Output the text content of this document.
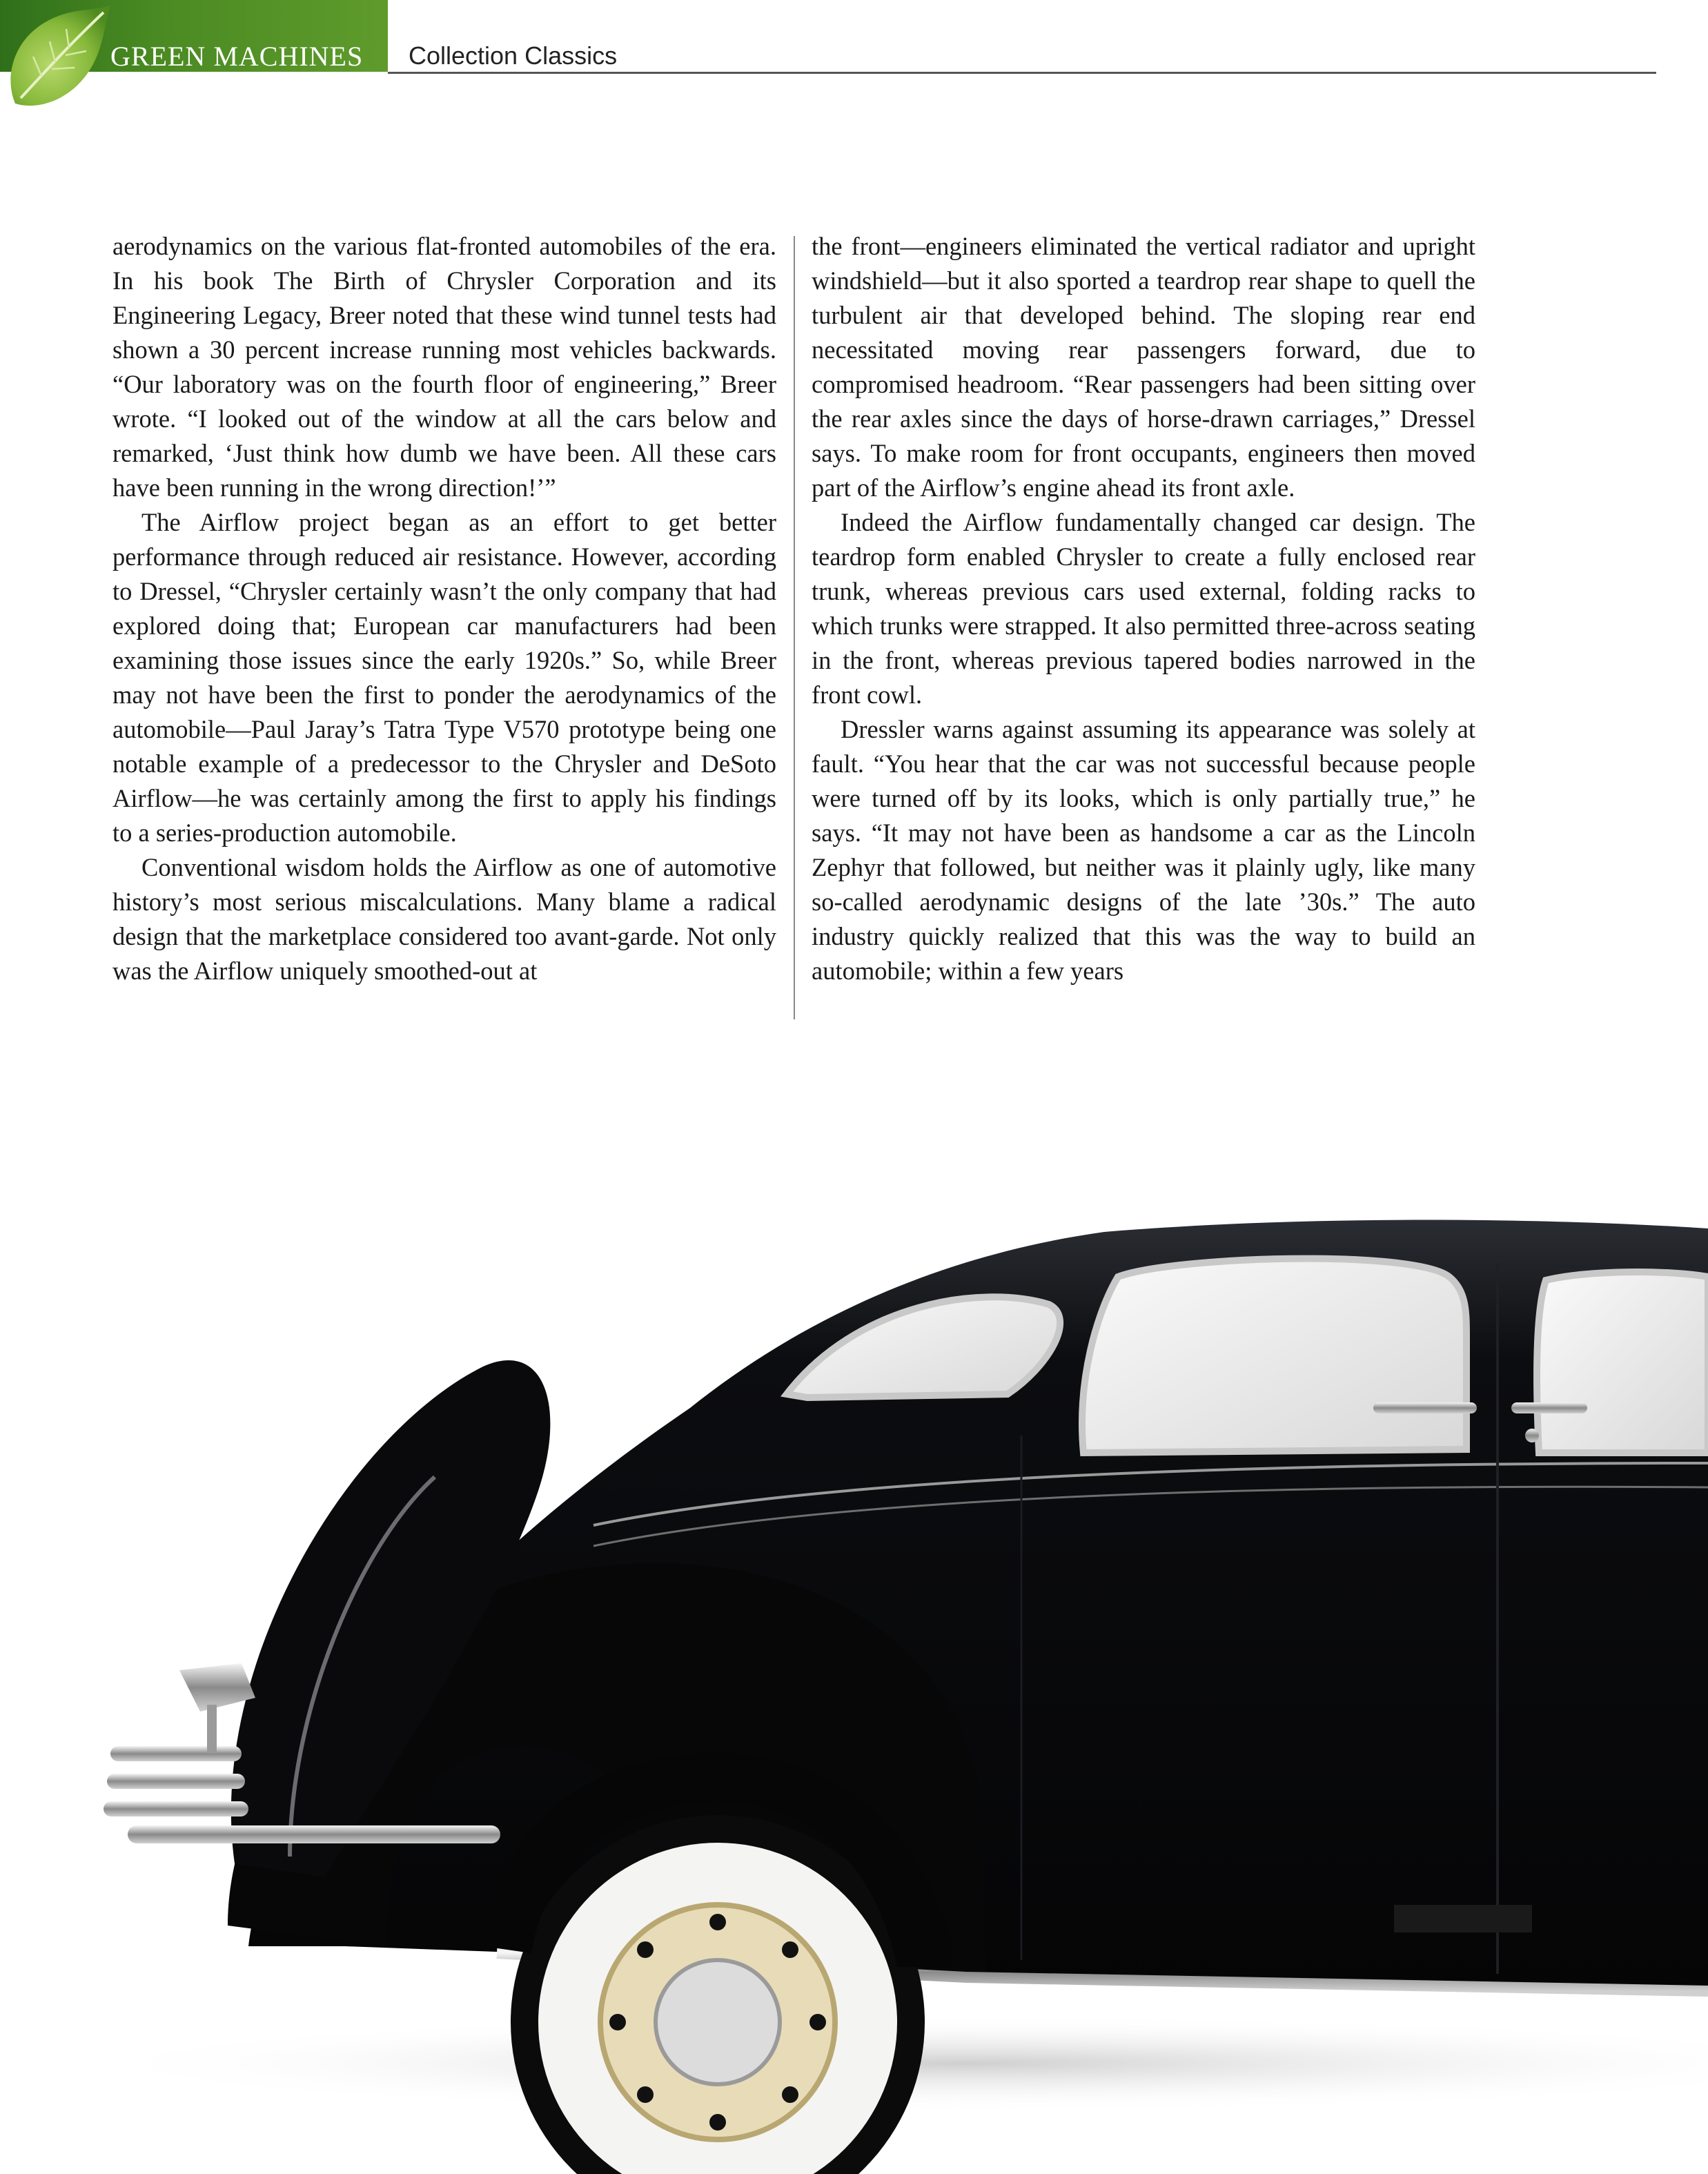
GREEN MACHINES Collection Classics

aerodynamics on the various flat-fronted automobiles of the era. In his book The Birth of Chrysler Corporation and its Engineering Legacy, Breer noted that these wind tunnel tests had shown a 30 percent increase running most vehicles backwards. “Our laboratory was on the fourth floor of engineering,” Breer wrote. “I looked out of the window at all the cars below and remarked, ‘Just think how dumb we have been. All these cars have been running in the wrong direction!’”

The Airflow project began as an effort to get better performance through reduced air resistance. However, according to Dressel, “Chrysler certainly wasn’t the only company that had explored doing that; European car manufacturers had been examining those issues since the early 1920s.” So, while Breer may not have been the first to ponder the aerodynamics of the automobile—Paul Jaray’s Tatra Type V570 prototype being one notable example of a predecessor to the Chrysler and DeSoto Airflow—he was certainly among the first to apply his findings to a series-production automobile.

Conventional wisdom holds the Airflow as one of automotive history’s most serious miscalculations. Many blame a radical design that the marketplace considered too avant-garde. Not only was the Airflow uniquely smoothed-out at

the front—engineers eliminated the vertical radiator and upright windshield—but it also sported a teardrop rear shape to quell the turbulent air that developed behind. The sloping rear end necessitated moving rear passengers forward, due to compromised headroom. “Rear passengers had been sitting over the rear axles since the days of horse-drawn carriages,” Dressel says. To make room for front occupants, engineers then moved part of the Airflow’s engine ahead its front axle.

Indeed the Airflow fundamentally changed car design. The teardrop form enabled Chrysler to create a fully enclosed rear trunk, whereas previous cars used external, folding racks to which trunks were strapped. It also permitted three-across seating in the front, whereas previous tapered bodies narrowed in the front cowl.

Dressler warns against assuming its appearance was solely at fault. “You hear that the car was not successful because people were turned off by its looks, which is only partially true,” he says. “It may not have been as handsome a car as the Lincoln Zephyr that followed, but neither was it plainly ugly, like many so-called aerodynamic designs of the late ’30s.” The auto industry quickly realized that this was the way to build an automobile; within a few years
